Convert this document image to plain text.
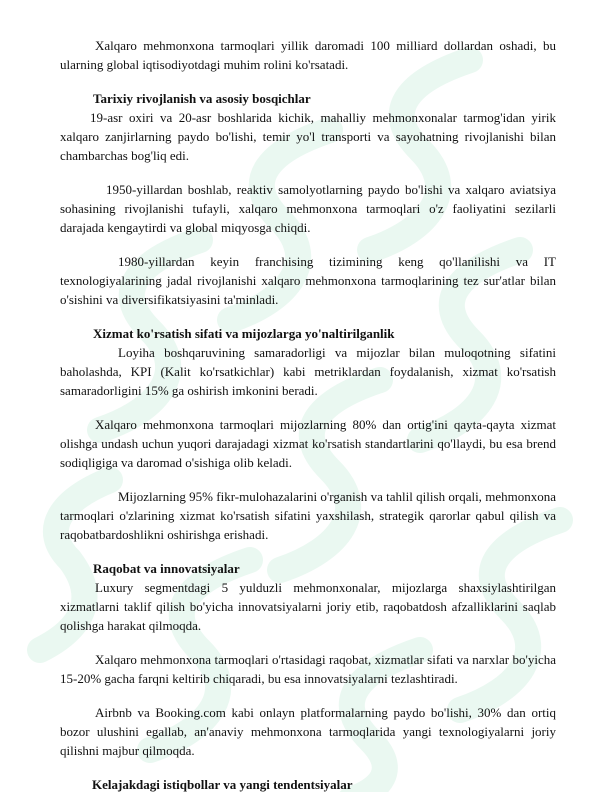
Xalqaro mehmonxona tarmoqlari yillik daromadi 100 milliard dollardan oshadi, bu ularning global iqtisodiyotdagi muhim rolini ko'rsatadi.

Tarixiy rivojlanish va asosiy bosqichlar

19-asr oxiri va 20-asr boshlarida kichik, mahalliy mehmonxonalar tarmog'idan yirik xalqaro zanjirlarning paydo bo'lishi, temir yo'l transporti va sayohatning rivojlanishi bilan chambarchas bog'liq edi.

1950-yillardan boshlab, reaktiv samolyotlarning paydo bo'lishi va xalqaro aviatsiya sohasining rivojlanishi tufayli, xalqaro mehmonxona tarmoqlari o'z faoliyatini sezilarli darajada kengaytirdi va global miqyosga chiqdi.

1980-yillardan keyin franchising tizimining keng qo'llanilishi va IT texnologiyalarining jadal rivojlanishi xalqaro mehmonxona tarmoqlarining tez sur'atlar bilan o'sishini va diversifikatsiyasini ta'minladi.

Xizmat ko'rsatish sifati va mijozlarga yo'naltirilganlik

Loyiha boshqaruvining samaradorligi va mijozlar bilan muloqotning sifatini baholashda, KPI (Kalit ko'rsatkichlar) kabi metriklardan foydalanish, xizmat ko'rsatish samaradorligini 15% ga oshirish imkonini beradi.

Xalqaro mehmonxona tarmoqlari mijozlarning 80% dan ortig'ini qayta-qayta xizmat olishga undash uchun yuqori darajadagi xizmat ko'rsatish standartlarini qo'llaydi, bu esa brend sodiqligiga va daromad o'sishiga olib keladi.

Mijozlarning 95% fikr-mulohazalarini o'rganish va tahlil qilish orqali, mehmonxona tarmoqlari o'zlarining xizmat ko'rsatish sifatini yaxshilash, strategik qarorlar qabul qilish va raqobatbardoshlikni oshirishga erishadi.

Raqobat va innovatsiyalar

Luxury segmentdagi 5 yulduzli mehmonxonalar, mijozlarga shaxsiylashtirilgan xizmatlarni taklif qilish bo'yicha innovatsiyalarni joriy etib, raqobatdosh afzalliklarini saqlab qolishga harakat qilmoqda.

Xalqaro mehmonxona tarmoqlari o'rtasidagi raqobat, xizmatlar sifati va narxlar bo'yicha 15-20% gacha farqni keltirib chiqaradi, bu esa innovatsiyalarni tezlashtiradi.

Airbnb va Booking.com kabi onlayn platformalarning paydo bo'lishi, 30% dan ortiq bozor ulushini egallab, an'anaviy mehmonxona tarmoqlarida yangi texnologiyalarni joriy qilishni majbur qilmoqda.

Kelajakdagi istiqbollar va yangi tendentsiyalar
